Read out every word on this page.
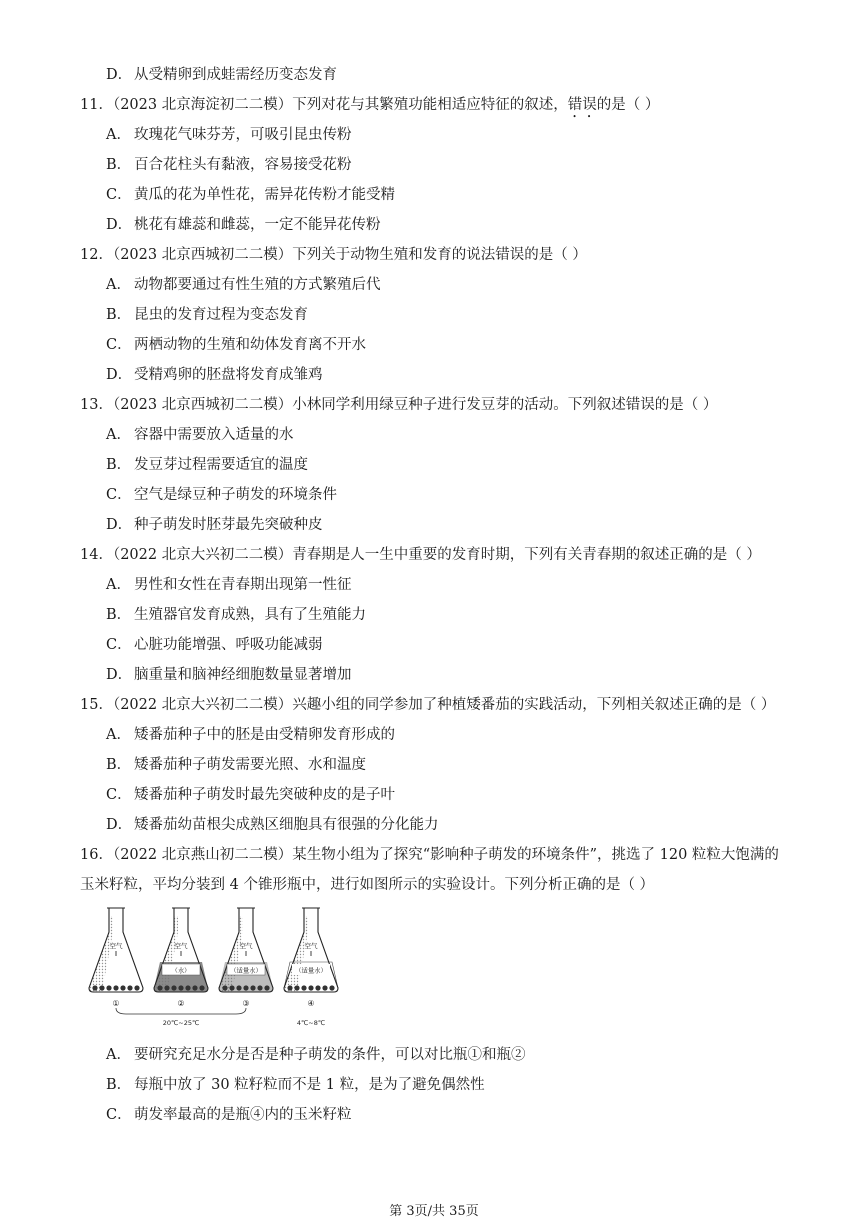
D． 从受精卵到成蛙需经历变态发育
11．（2023 北京海淀初二二模）下列对花与其繁殖功能相适应特征的叙述，错误的是（ ）
A． 玫瑰花气味芬芳，可吸引昆虫传粉
B． 百合花柱头有黏液，容易接受花粉
C． 黄瓜的花为单性花，需异花传粉才能受精
D． 桃花有雄蕊和雌蕊，一定不能异花传粉
12．（2023 北京西城初二二模）下列关于动物生殖和发育的说法错误的是（ ）
A． 动物都要通过有性生殖的方式繁殖后代
B． 昆虫的发育过程为变态发育
C． 两栖动物的生殖和幼体发育离不开水
D． 受精鸡卵的胚盘将发育成雏鸡
13．（2023 北京西城初二二模）小林同学利用绿豆种子进行发豆芽的活动。下列叙述错误的是（ ）
A． 容器中需要放入适量的水
B． 发豆芽过程需要适宜的温度
C． 空气是绿豆种子萌发的环境条件
D． 种子萌发时胚芽最先突破种皮
14．（2022 北京大兴初二二模）青春期是人一生中重要的发育时期，下列有关青春期的叙述正确的是（ ）
A． 男性和女性在青春期出现第一性征
B． 生殖器官发育成熟，具有了生殖能力
C． 心脏功能增强、呼吸功能减弱
D． 脑重量和脑神经细胞数量显著增加
15．（2022 北京大兴初二二模）兴趣小组的同学参加了种植矮番茄的实践活动，下列相关叙述正确的是（ ）
A． 矮番茄种子中的胚是由受精卵发育形成的
B． 矮番茄种子萌发需要光照、水和温度
C． 矮番茄种子萌发时最先突破种皮的是子叶
D． 矮番茄幼苗根尖成熟区细胞具有很强的分化能力
16．（2022 北京燕山初二二模）某生物小组为了探究“影响种子萌发的环境条件”，挑选了 120 粒粒大饱满的
玉米籽粒，平均分装到 4 个锥形瓶中，进行如图所示的实验设计。下列分析正确的是（ ）
空气
①
空气
（水）
②
空气
（适量水）
③
空气
（适量水）
④
20℃~25℃	4℃~8℃
A． 要研究充足水分是否是种子萌发的条件，可以对比瓶①和瓶②
B． 每瓶中放了 30 粒籽粒而不是 1 粒，是为了避免偶然性
C． 萌发率最高的是瓶④内的玉米籽粒
第 3页/共 35页
